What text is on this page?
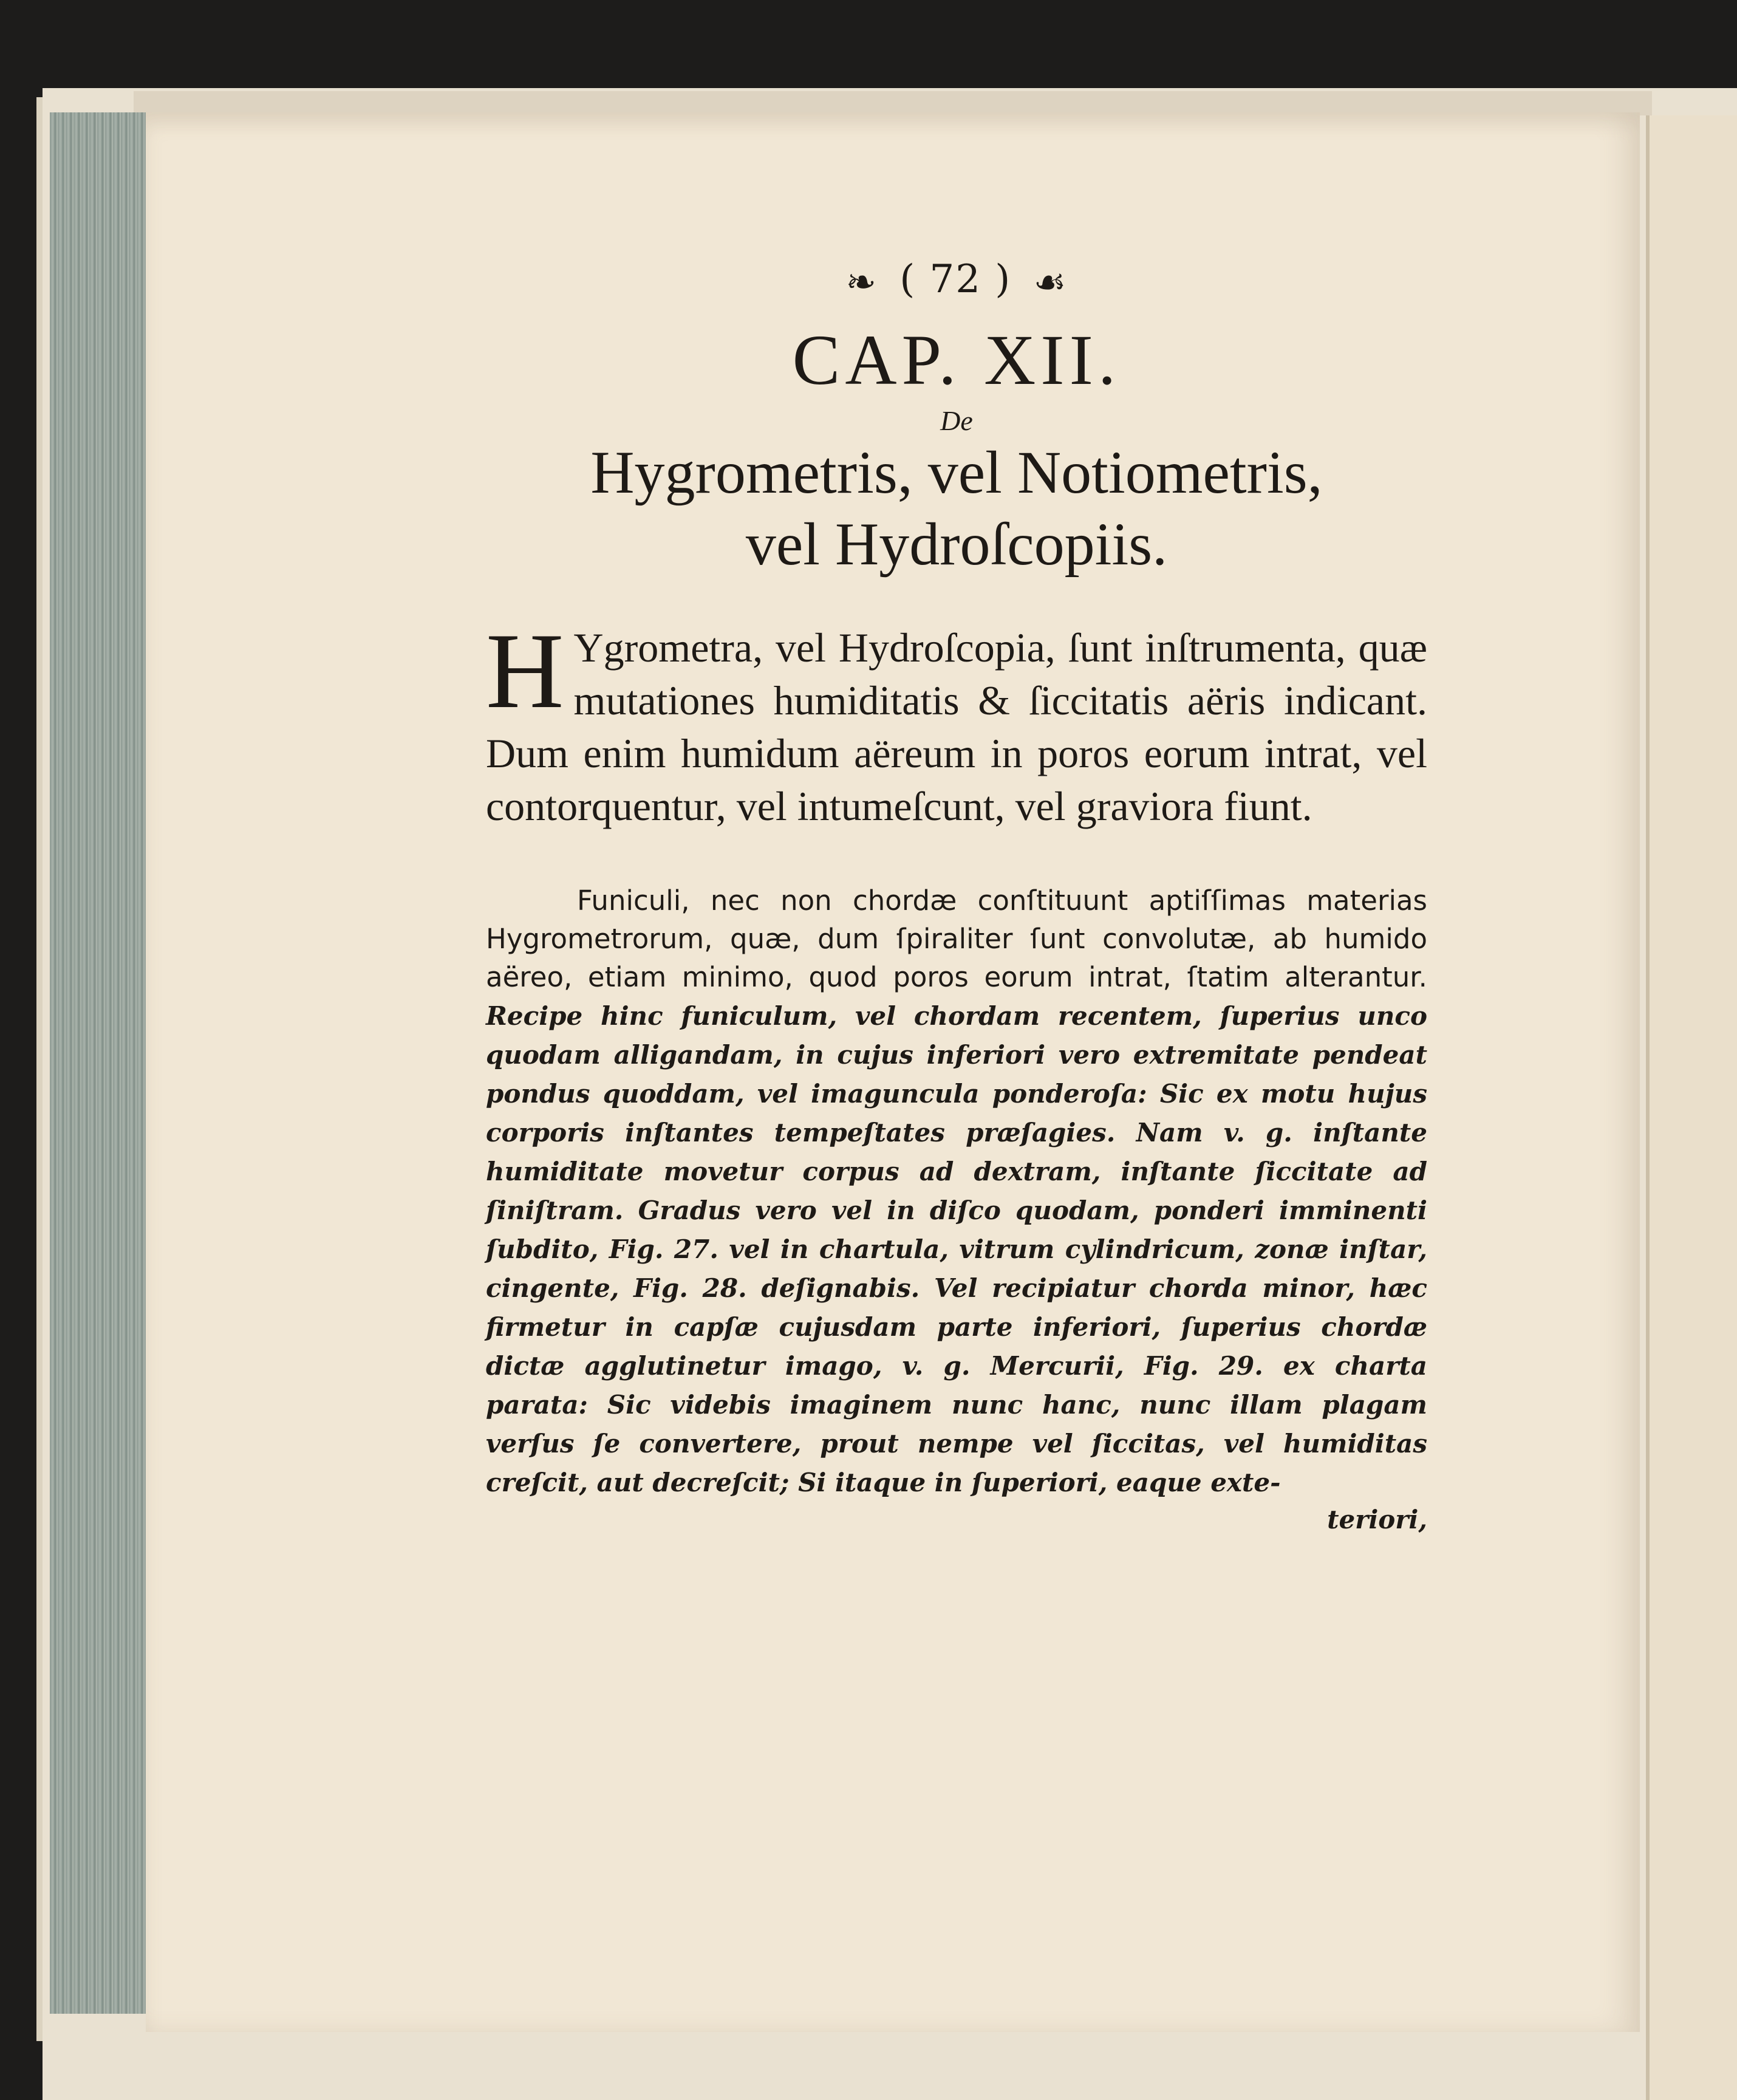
❧ ( 72 ) ☙
CAP. XII.
De
Hygrometris, vel Notiometris,
vel Hydroſcopiis.
H Ygrometra, vel Hydroſcopia, ſunt inſtrumenta, quæ mutationes humiditatis & ſiccitatis aëris indicant. Dum enim humidum aëreum in poros eorum intrat, vel contorquentur, vel intumeſcunt, vel graviora fiunt.
Funiculi, nec non chordæ conſtituunt aptiſſimas materias Hygrometrorum, quæ, dum ſpiraliter ſunt convolutæ, ab humido aëreo, etiam minimo, quod poros eorum intrat, ſtatim alterantur. Recipe hinc funiculum, vel chordam recentem, ſuperius unco quodam alligandam, in cujus inferiori vero extremitate pendeat pondus quoddam, vel imaguncula ponderoſa: Sic ex motu hujus corporis inſtantes tempeſtates præſagies. Nam v. g. inſtante humiditate movetur corpus ad dextram, inſtante ſiccitate ad ſiniſtram. Gradus vero vel in diſco quodam, ponderi imminenti ſubdito, Fig. 27. vel in chartula, vitrum cylindricum, zonæ inſtar, cingente, Fig. 28. deſignabis. Vel recipiatur chorda minor, hæc firmetur in capſæ cujusdam parte inferiori, ſuperius chordæ dictæ agglutinetur imago, v. g. Mercurii, Fig. 29. ex charta parata: Sic videbis imaginem nunc hanc, nunc illam plagam verſus ſe convertere, prout nempe vel ſiccitas, vel humiditas creſcit, aut decreſcit; Si itaque in ſuperiori, eaque exte-
teriori,
